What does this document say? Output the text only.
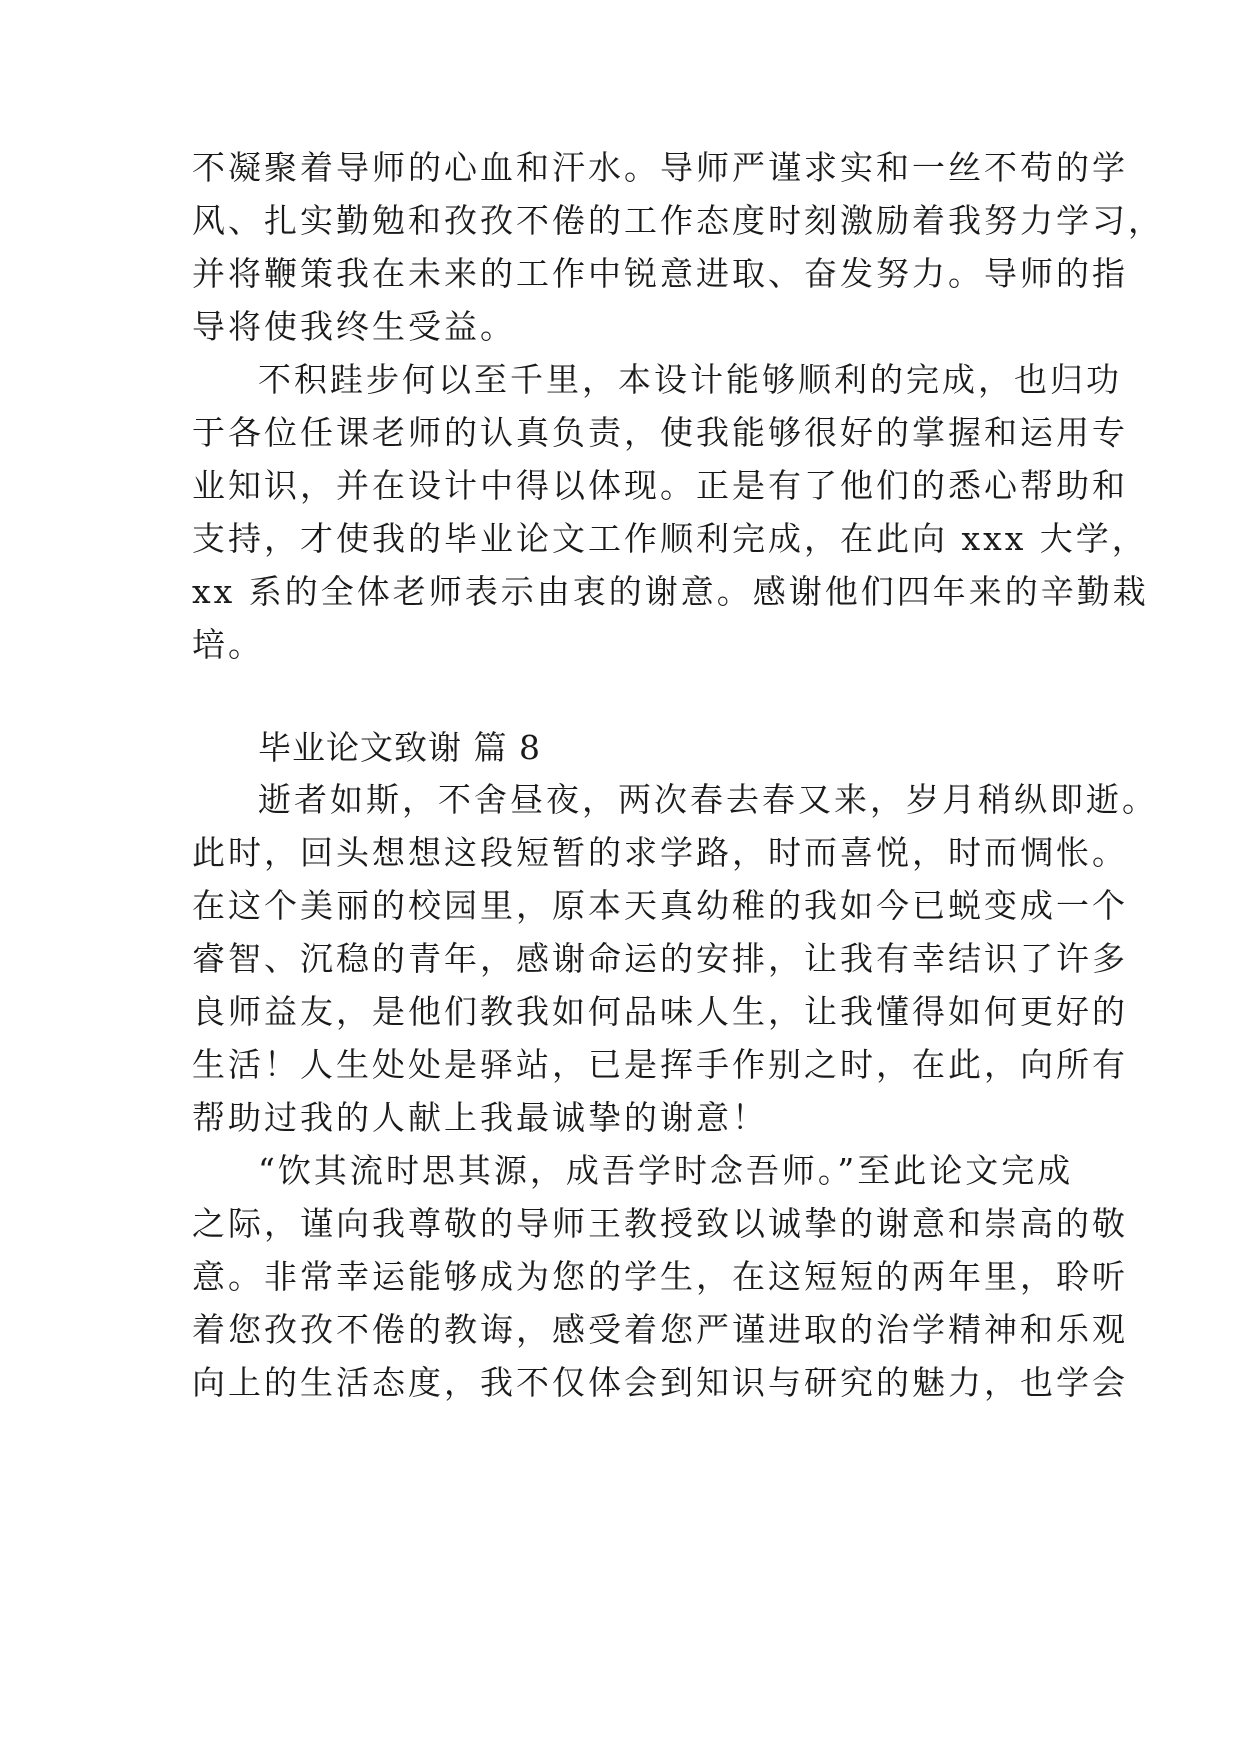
不凝聚着导师的心血和汗水。导师严谨求实和一丝不苟的学
风、扎实勤勉和孜孜不倦的工作态度时刻激励着我努力学习，
并将鞭策我在未来的工作中锐意进取、奋发努力。导师的指
导将使我终生受益。
不积跬步何以至千里，本设计能够顺利的完成，也归功
于各位任课老师的认真负责，使我能够很好的掌握和运用专
业知识，并在设计中得以体现。正是有了他们的悉心帮助和
支持，才使我的毕业论文工作顺利完成，在此向 xxx 大学，
xx 系的全体老师表示由衷的谢意。感谢他们四年来的辛勤栽
培。
毕业论文致谢 篇 8
逝者如斯，不舍昼夜，两次春去春又来，岁月稍纵即逝。
此时，回头想想这段短暂的求学路，时而喜悦，时而惆怅。
在这个美丽的校园里，原本天真幼稚的我如今已蜕变成一个
睿智、沉稳的青年，感谢命运的安排，让我有幸结识了许多
良师益友，是他们教我如何品味人生，让我懂得如何更好的
生活！人生处处是驿站，已是挥手作别之时，在此，向所有
帮助过我的人献上我最诚挚的谢意！
“饮其流时思其源，成吾学时念吾师。”至此论文完成
之际，谨向我尊敬的导师王教授致以诚挚的谢意和崇高的敬
意。非常幸运能够成为您的学生，在这短短的两年里，聆听
着您孜孜不倦的教诲，感受着您严谨进取的治学精神和乐观
向上的生活态度，我不仅体会到知识与研究的魅力，也学会
